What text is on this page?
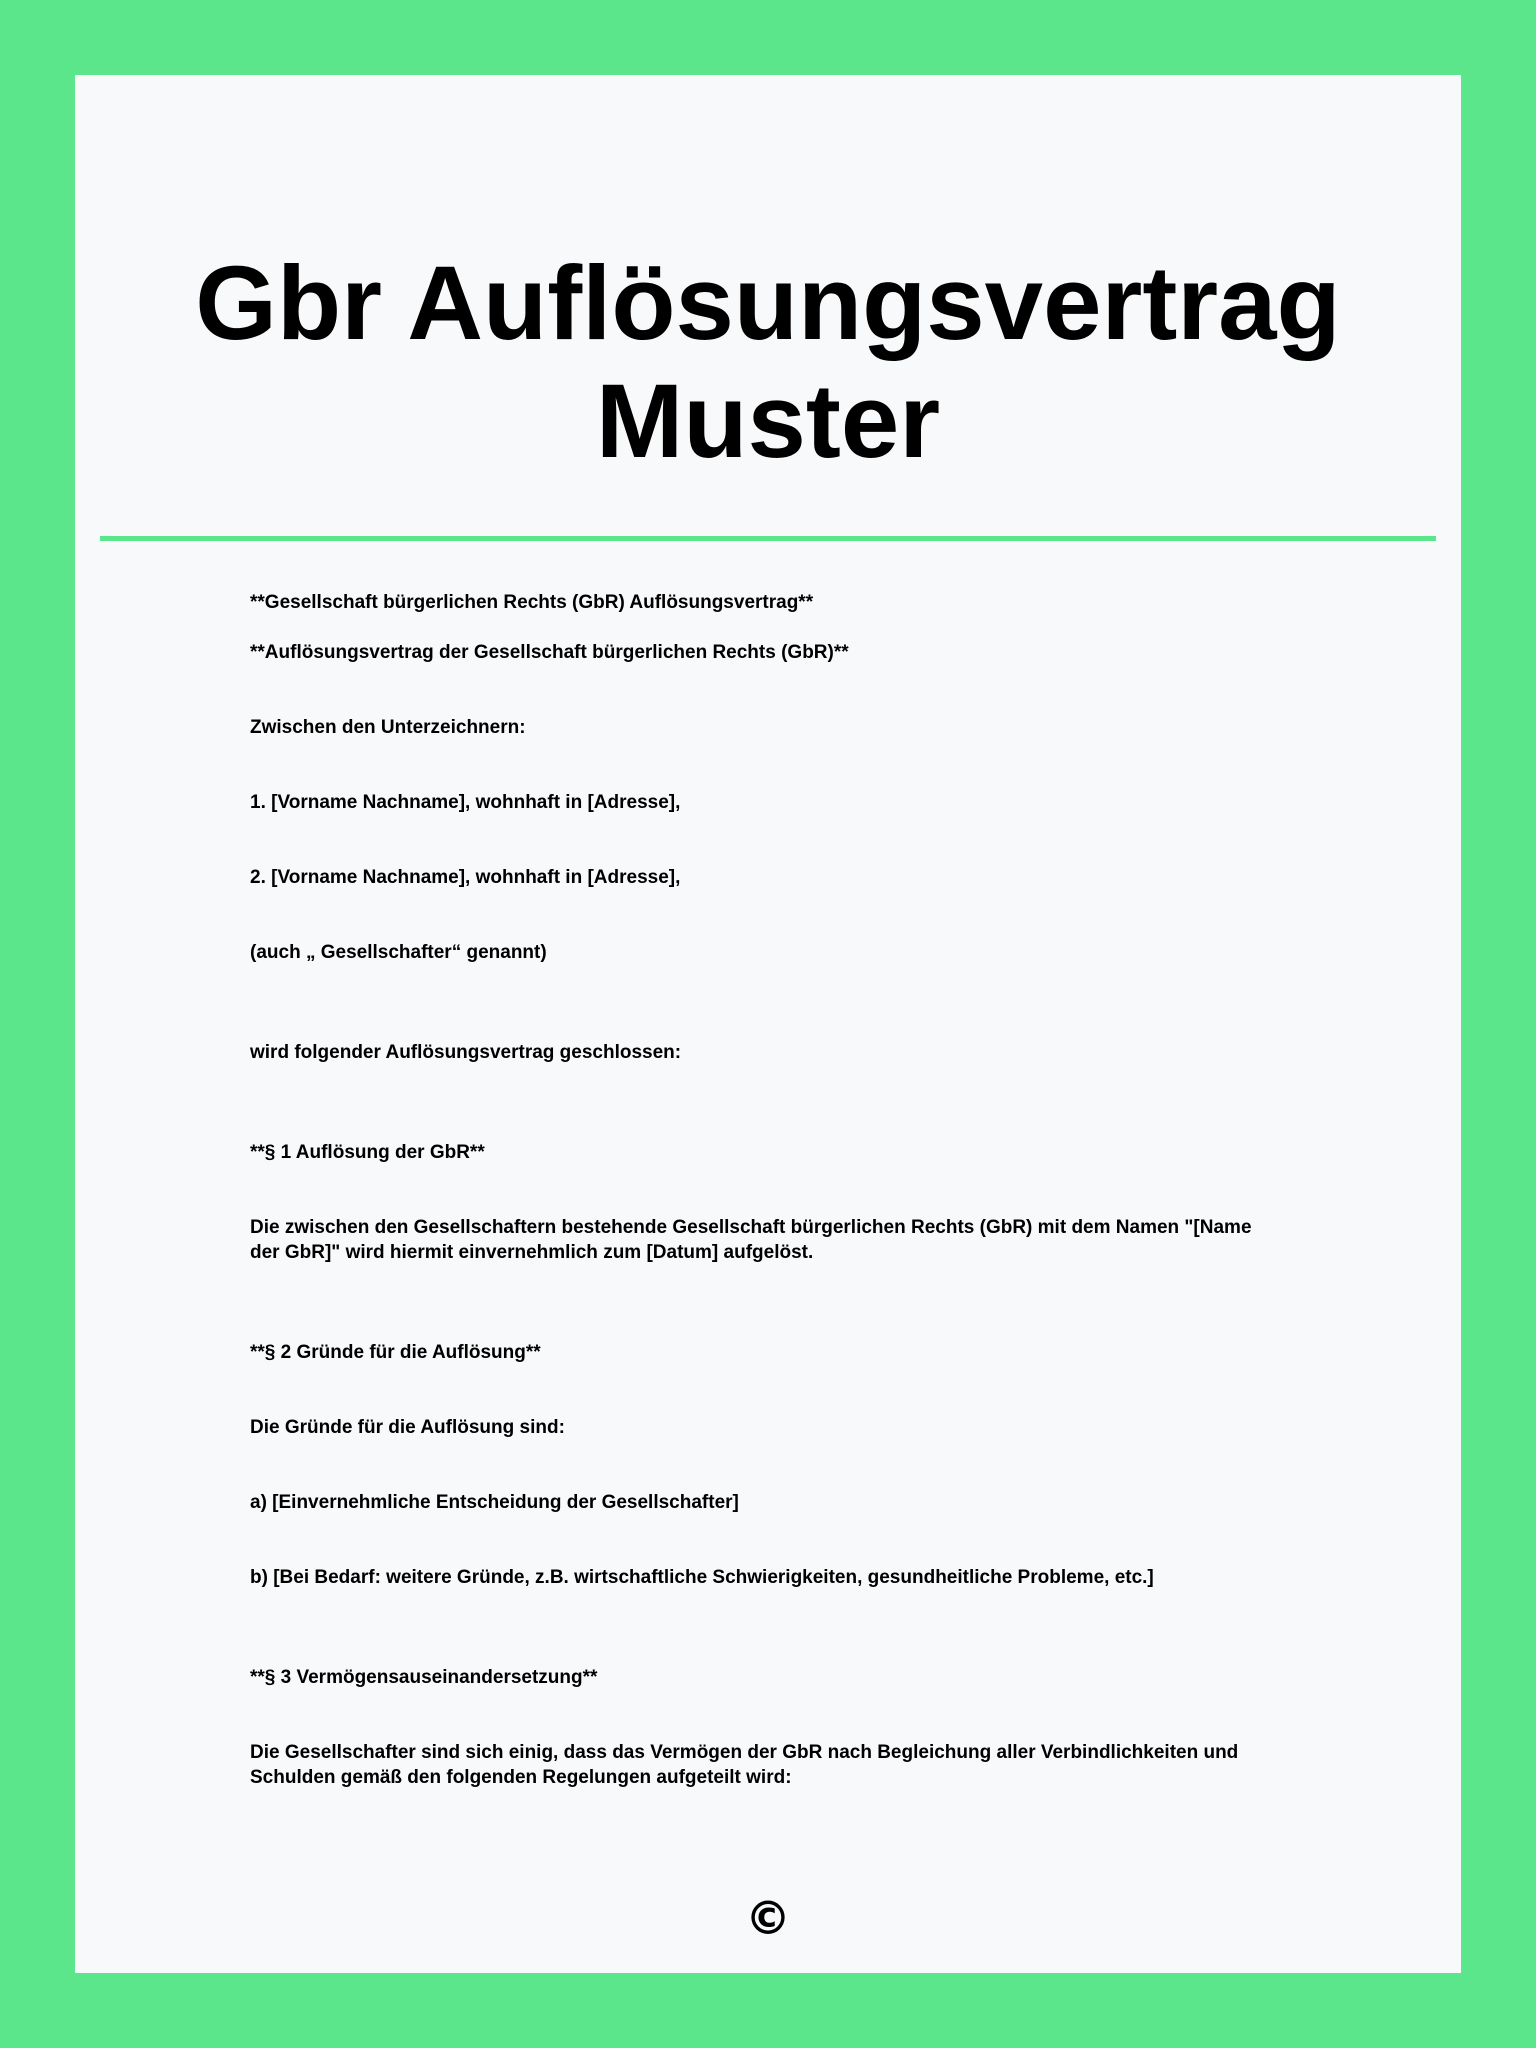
Gbr Auflösungsvertrag Muster

**Gesellschaft bürgerlichen Rechts (GbR) Auflösungsvertrag**

**Auflösungsvertrag der Gesellschaft bürgerlichen Rechts (GbR)**

Zwischen den Unterzeichnern:

1. [Vorname Nachname], wohnhaft in [Adresse],

2. [Vorname Nachname], wohnhaft in [Adresse],

(auch „ Gesellschafter“ genannt)

wird folgender Auflösungsvertrag geschlossen:

**§ 1 Auflösung der GbR**

Die zwischen den Gesellschaftern bestehende Gesellschaft bürgerlichen Rechts (GbR) mit dem Namen "[Name der GbR]" wird hiermit einvernehmlich zum [Datum] aufgelöst.

**§ 2 Gründe für die Auflösung**

Die Gründe für die Auflösung sind:

a) [Einvernehmliche Entscheidung der Gesellschafter]

b) [Bei Bedarf: weitere Gründe, z.B. wirtschaftliche Schwierigkeiten, gesundheitliche Probleme, etc.]

**§ 3 Vermögensauseinandersetzung**

Die Gesellschafter sind sich einig, dass das Vermögen der GbR nach Begleichung aller Verbindlichkeiten und Schulden gemäß den folgenden Regelungen aufgeteilt wird:

©
